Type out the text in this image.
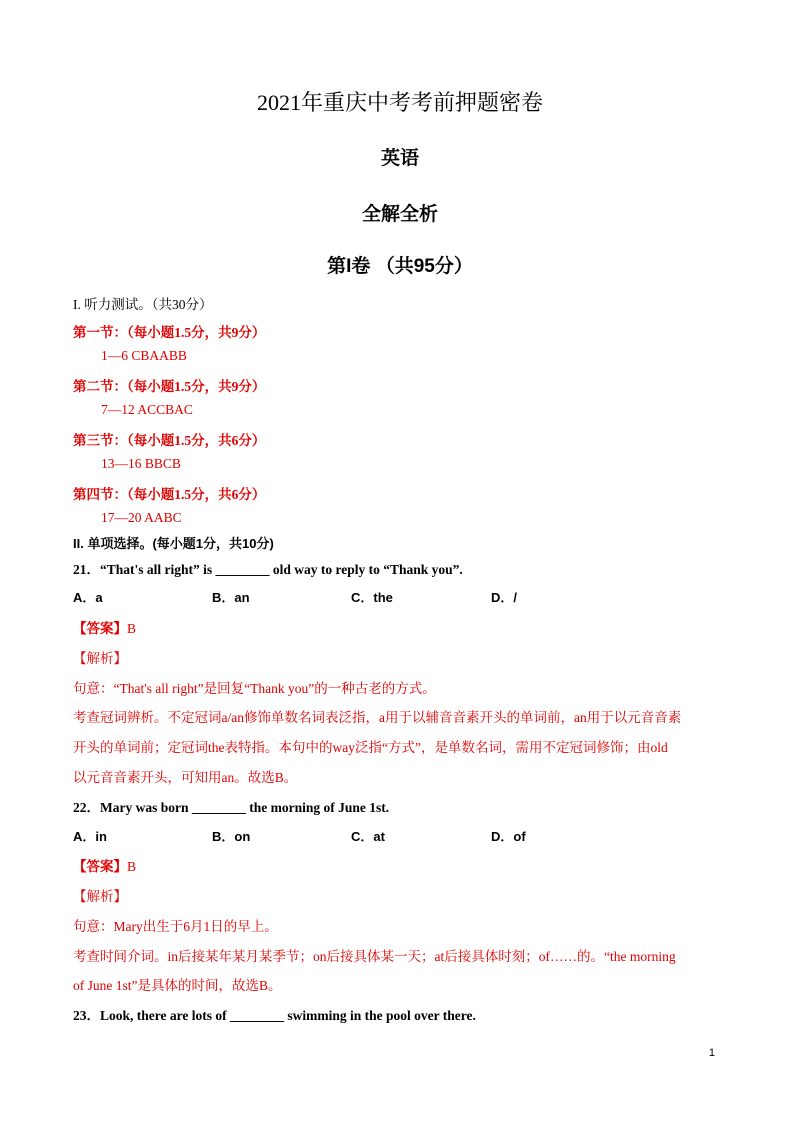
2021年重庆中考考前押题密卷
英语
全解全析
第I卷 （共95分）
I. 听力测试。（共30分）
第一节：（每小题1.5分，共9分）
1—6 CBAABB
第二节：（每小题1.5分，共9分）
7—12 ACCBAC
第三节：（每小题1.5分，共6分）
13—16 BBCB
第四节：（每小题1.5分，共6分）
17—20 AABC
II. 单项选择。(每小题1分，共10分)
21．“That's all right” is ________ old way to reply to “Thank you”.
A．a	B．an	C．the	D．/
【答案】B
【解析】
句意：“That's all right”是回复“Thank you”的一种古老的方式。
考查冠词辨析。不定冠词a/an修饰单数名词表泛指，a用于以辅音音素开头的单词前，an用于以元音音素
开头的单词前；定冠词the表特指。本句中的way泛指“方式”，是单数名词，需用不定冠词修饰；由old
以元音音素开头，可知用an。故选B。
22．Mary was born ________ the morning of June 1st.
A．in	B．on	C．at	D．of
【答案】B
【解析】
句意：Mary出生于6月1日的早上。
考查时间介词。in后接某年某月某季节；on后接具体某一天；at后接具体时刻；of……的。“the morning
of June 1st”是具体的时间，故选B。
23．Look, there are lots of ________ swimming in the pool over there.
1
